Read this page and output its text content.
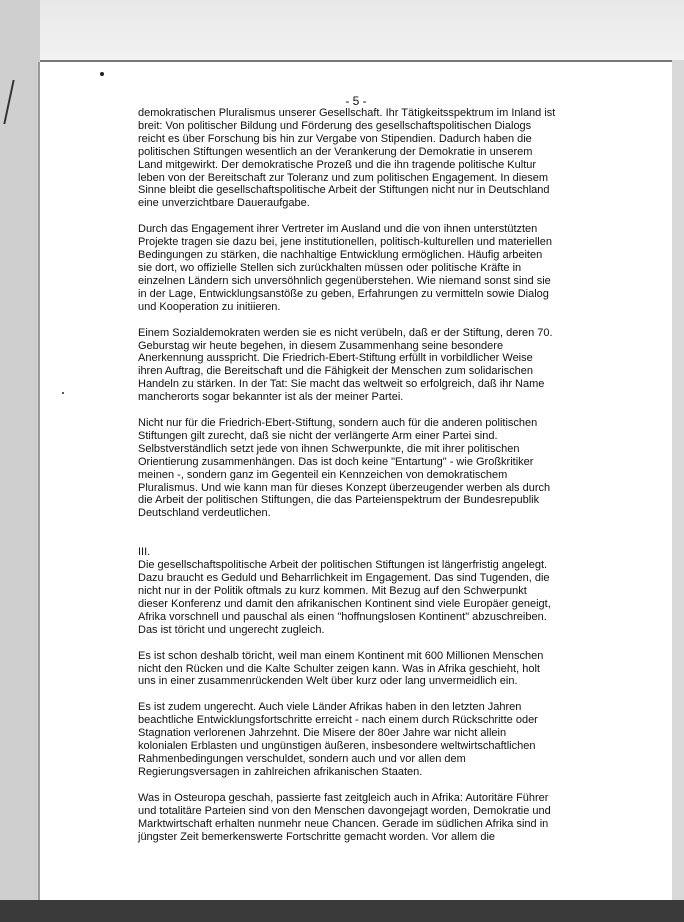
- 5 -

demokratischen Pluralismus unserer Gesellschaft. Ihr Tätigkeitsspektrum im Inland ist
breit: Von politischer Bildung und Förderung des gesellschaftspolitischen Dialogs
reicht es über Forschung bis hin zur Vergabe von Stipendien. Dadurch haben die
politischen Stiftungen wesentlich an der Verankerung der Demokratie in unserem
Land mitgewirkt. Der demokratische Prozeß und die ihn tragende politische Kultur
leben von der Bereitschaft zur Toleranz und zum politischen Engagement. In diesem
Sinne bleibt die gesellschaftspolitische Arbeit der Stiftungen nicht nur in Deutschland
eine unverzichtbare Daueraufgabe.

Durch das Engagement ihrer Vertreter im Ausland und die von ihnen unterstützten
Projekte tragen sie dazu bei, jene institutionellen, politisch-kulturellen und materiellen
Bedingungen zu stärken, die nachhaltige Entwicklung ermöglichen. Häufig arbeiten
sie dort, wo offizielle Stellen sich zurückhalten müssen oder politische Kräfte in
einzelnen Ländern sich unversöhnlich gegenüberstehen. Wie niemand sonst sind sie
in der Lage, Entwicklungsanstöße zu geben, Erfahrungen zu vermitteln sowie Dialog
und Kooperation zu initiieren.

Einem Sozialdemokraten werden sie es nicht verübeln, daß er der Stiftung, deren 70.
Geburstag wir heute begehen, in diesem Zusammenhang seine besondere
Anerkennung ausspricht. Die Friedrich-Ebert-Stiftung erfüllt in vorbildlicher Weise
ihren Auftrag, die Bereitschaft und die Fähigkeit der Menschen zum solidarischen
Handeln zu stärken. In der Tat: Sie macht das weltweit so erfolgreich, daß ihr Name
mancherorts sogar bekannter ist als der meiner Partei.

Nicht nur für die Friedrich-Ebert-Stiftung, sondern auch für die anderen politischen
Stiftungen gilt zurecht, daß sie nicht der verlängerte Arm einer Partei sind.
Selbstverständlich setzt jede von ihnen Schwerpunkte, die mit ihrer politischen
Orientierung zusammenhängen. Das ist doch keine "Entartung" - wie Großkritiker
meinen -, sondern ganz im Gegenteil ein Kennzeichen von demokratischem
Pluralismus. Und wie kann man für dieses Konzept überzeugender werben als durch
die Arbeit der politischen Stiftungen, die das Parteienspektrum der Bundesrepublik
Deutschland verdeutlichen.

III.

Die gesellschaftspolitische Arbeit der politischen Stiftungen ist längerfristig angelegt.
Dazu braucht es Geduld und Beharrlichkeit im Engagement. Das sind Tugenden, die
nicht nur in der Politik oftmals zu kurz kommen. Mit Bezug auf den Schwerpunkt
dieser Konferenz und damit den afrikanischen Kontinent sind viele Europäer geneigt,
Afrika vorschnell und pauschal als einen "hoffnungslosen Kontinent" abzuschreiben.
Das ist töricht und ungerecht zugleich.

Es ist schon deshalb töricht, weil man einem Kontinent mit 600 Millionen Menschen
nicht den Rücken und die Kalte Schulter zeigen kann. Was in Afrika geschieht, holt
uns in einer zusammenrückenden Welt über kurz oder lang unvermeidlich ein.

Es ist zudem ungerecht. Auch viele Länder Afrikas haben in den letzten Jahren
beachtliche Entwicklungsfortschritte erreicht - nach einem durch Rückschritte oder
Stagnation verlorenen Jahrzehnt. Die Misere der 80er Jahre war nicht allein
kolonialen Erblasten und ungünstigen äußeren, insbesondere weltwirtschaftlichen
Rahmenbedingungen verschuldet, sondern auch und vor allen dem
Regierungsversagen in zahlreichen afrikanischen Staaten.

Was in Osteuropa geschah, passierte fast zeitgleich auch in Afrika: Autoritäre Führer
und totalitäre Parteien sind von den Menschen davongejagt worden, Demokratie und
Marktwirtschaft erhalten nunmehr neue Chancen. Gerade im südlichen Afrika sind in
jüngster Zeit bemerkenswerte Fortschritte gemacht worden. Vor allem die
